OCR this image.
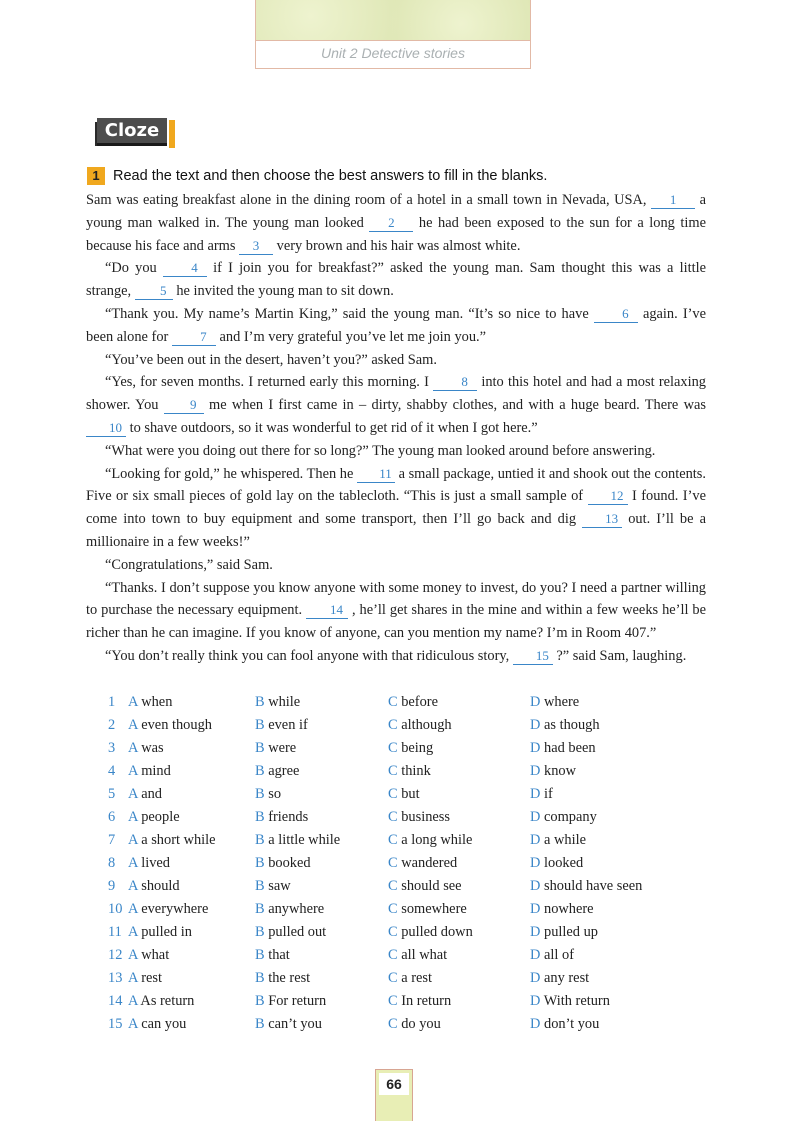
Unit 2 Detective stories
Cloze
1 Read the text and then choose the best answers to fill in the blanks.

Sam was eating breakfast alone in the dining room of a hotel in a small town in Nevada, USA, 1 a young man walked in. The young man looked 2 he had been exposed to the sun for a long time because his face and arms 3 very brown and his hair was almost white.

“Do you 4 if I join you for breakfast?” asked the young man. Sam thought this was a little strange, 5 he invited the young man to sit down.

“Thank you. My name’s Martin King,” said the young man. “It’s so nice to have 6 again. I’ve been alone for 7 and I’m very grateful you’ve let me join you.”

“You’ve been out in the desert, haven’t you?” asked Sam.

“Yes, for seven months. I returned early this morning. I 8 into this hotel and had a most relaxing shower. You 9 me when I first came in – dirty, shabby clothes, and with a huge beard. There was 10 to shave outdoors, so it was wonderful to get rid of it when I got here.”

“What were you doing out there for so long?” The young man looked around before answering.

“Looking for gold,” he whispered. Then he 11 a small package, untied it and shook out the contents. Five or six small pieces of gold lay on the tablecloth. “This is just a small sample of 12 I found. I’ve come into town to buy equipment and some transport, then I’ll go back and dig 13 out. I’ll be a millionaire in a few weeks!”

“Congratulations,” said Sam.

“Thanks. I don’t suppose you know anyone with some money to invest, do you? I need a partner willing to purchase the necessary equipment. 14 , he’ll get shares in the mine and within a few weeks he’ll be richer than he can imagine. If you know of anyone, can you mention my name? I’m in Room 407.”

“You don’t really think you can fool anyone with that ridiculous story, 15 ?” said Sam, laughing.

1 A when	B while	C before	D where
2 A even though	B even if	C although	D as though
3 A was	B were	C being	D had been
4 A mind	B agree	C think	D know
5 A and	B so	C but	D if
6 A people	B friends	C business	D company
7 A a short while	B a little while	C a long while	D a while
8 A lived	B booked	C wandered	D looked
9 A should	B saw	C should see	D should have seen
10 A everywhere	B anywhere	C somewhere	D nowhere
11 A pulled in	B pulled out	C pulled down	D pulled up
12 A what	B that	C all what	D all of
13 A rest	B the rest	C a rest	D any rest
14 A As return	B For return	C In return	D With return
15 A can you	B can’t you	C do you	D don’t you
66
